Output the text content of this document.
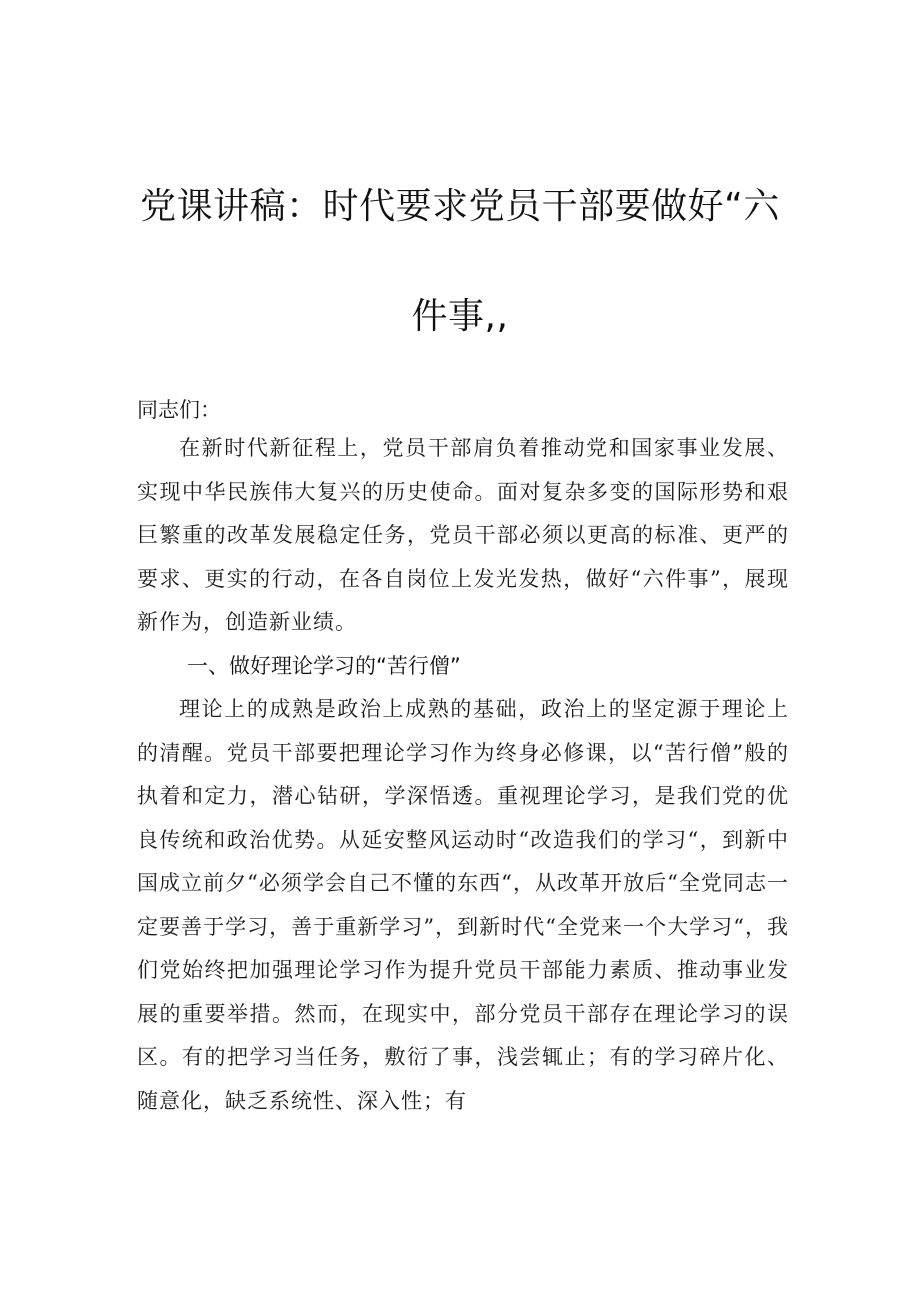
党课讲稿：时代要求党员干部要做好“六件事,,

同志们：

在新时代新征程上，党员干部肩负着推动党和国家事业发展、实现中华民族伟大复兴的历史使命。面对复杂多变的国际形势和艰巨繁重的改革发展稳定任务，党员干部必须以更高的标准、更严的要求、更实的行动，在各自岗位上发光发热，做好“六件事”，展现新作为，创造新业绩。

一、做好理论学习的“苦行僧”

理论上的成熟是政治上成熟的基础，政治上的坚定源于理论上的清醒。党员干部要把理论学习作为终身必修课，以“苦行僧”般的执着和定力，潜心钻研，学深悟透。重视理论学习，是我们党的优良传统和政治优势。从延安整风运动时“改造我们的学习“，到新中国成立前夕“必须学会自己不懂的东西“，从改革开放后“全党同志一定要善于学习，善于重新学习”，到新时代“全党来一个大学习“，我们党始终把加强理论学习作为提升党员干部能力素质、推动事业发展的重要举措。然而，在现实中，部分党员干部存在理论学习的误区。有的把学习当任务，敷衍了事，浅尝辄止；有的学习碎片化、随意化，缺乏系统性、深入性；有
